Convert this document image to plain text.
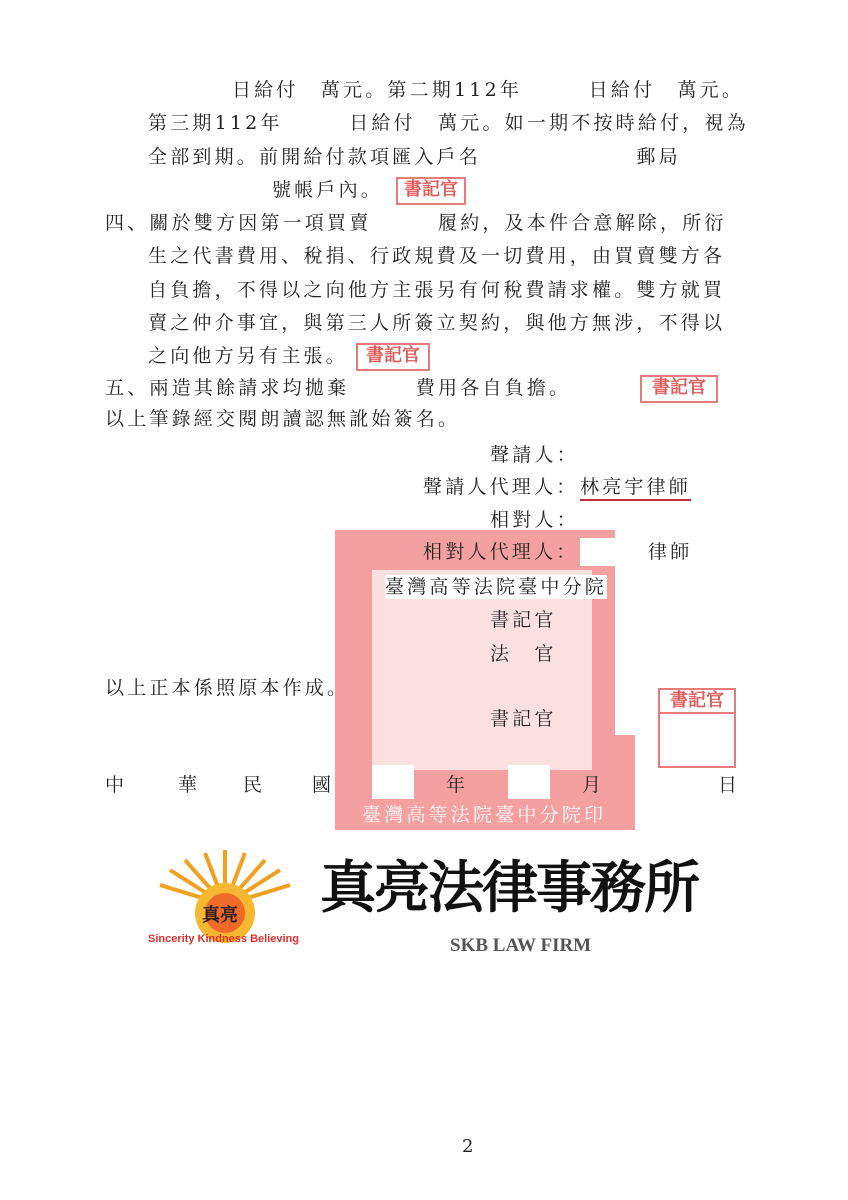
日給付　萬元。第二期112年　　　日給付　萬元。
第三期112年　　　日給付　萬元。如一期不按時給付，視為
全部到期。前開給付款項匯入戶名　　　　　　　郵局
號帳戶內。
四、關於雙方因第一項買賣　　　履約，及本件合意解除，所衍
生之代書費用、稅捐、行政規費及一切費用，由買賣雙方各
自負擔，不得以之向他方主張另有何稅費請求權。雙方就買
賣之仲介事宜，與第三人所簽立契約，與他方無涉，不得以
之向他方另有主張。
五、兩造其餘請求均拋棄　　　費用各自負擔。
以上筆錄經交閱朗讀認無訛始簽名。
書記官
書記官
書記官
聲請人：
聲請人代理人： 林亮宇律師
相對人：
臺灣高等法院臺中分院印
相對人代理人：	律師
臺灣高等法院臺中分院
書記官
法　官
以上正本係照原本作成。
書記官
書記官
中	華 民 國	年	月	日
真亮
Sincerity Kindness Believing
真亮法律事務所
SKB LAW FIRM
2
